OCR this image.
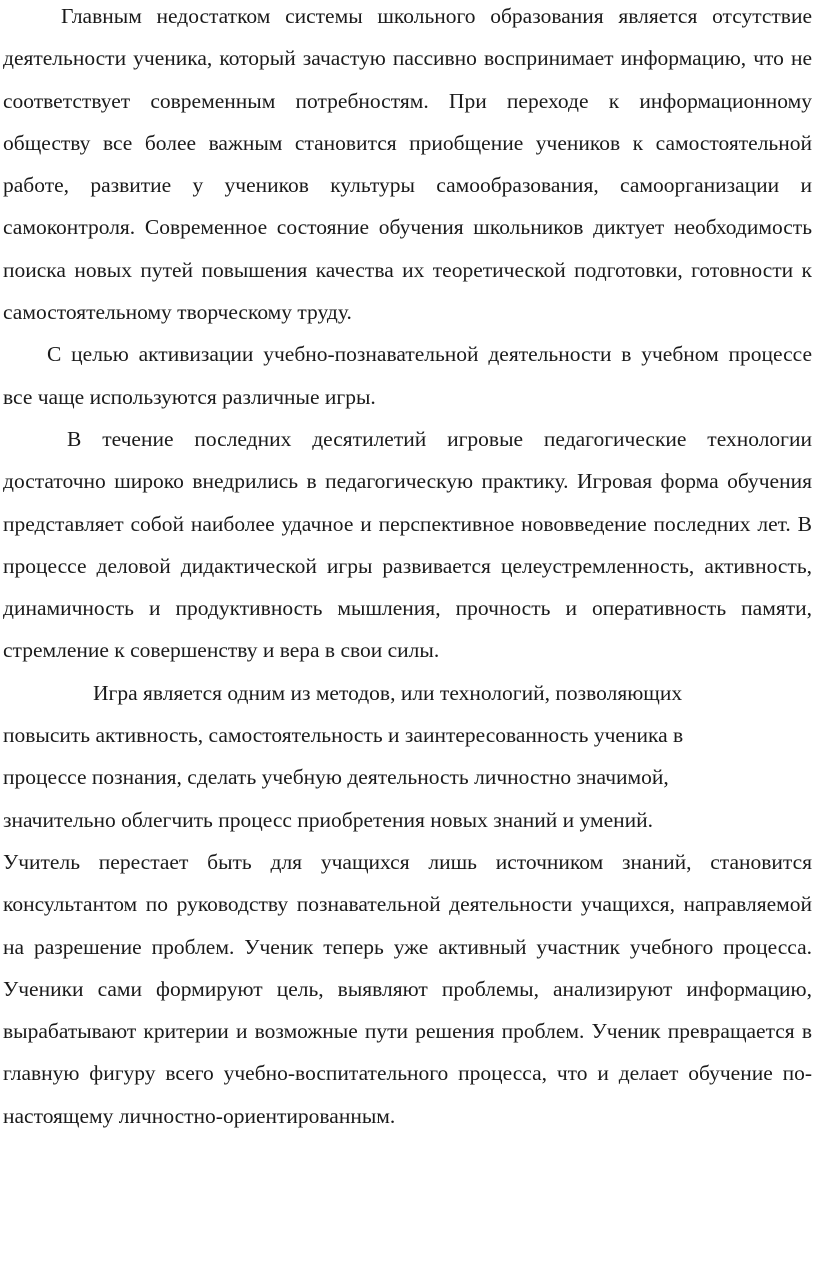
Главным недостатком системы школьного образования является отсутствие деятельности ученика, который зачастую пассивно воспринимает информацию, что не соответствует современным потребностям. При переходе к информационному обществу все более важным становится приобщение учеников к самостоятельной работе, развитие у учеников культуры самообразования, самоорганизации и самоконтроля. Современное состояние обучения школьников диктует необходимость поиска новых путей повышения качества их теоретической подготовки, готовности к самостоятельному творческому труду.

С целью активизации учебно-познавательной деятельности в учебном процессе все чаще используются различные игры.

В течение последних десятилетий игровые педагогические технологии достаточно широко внедрились в педагогическую практику. Игровая форма обучения представляет собой наиболее удачное и перспективное нововведение последних лет. В процессе деловой дидактической игры развивается целеустремленность, активность, динамичность и продуктивность мышления, прочность и оперативность памяти, стремление к совершенству и вера в свои силы.

Игра является одним из методов, или технологий, позволяющих
повысить активность, самостоятельность и заинтересованность ученика в
процессе познания, сделать учебную деятельность личностно значимой,
значительно облегчить процесс приобретения новых знаний и умений.

Учитель перестает быть для учащихся лишь источником знаний, становится консультантом по руководству познавательной деятельности учащихся, направляемой на разрешение проблем. Ученик теперь уже активный участник учебного процесса. Ученики сами формируют цель, выявляют проблемы, анализируют информацию, вырабатывают критерии и возможные пути решения проблем. Ученик превращается в главную фигуру всего учебно-воспитательного процесса, что и делает обучение по-настоящему личностно-ориентированным.
